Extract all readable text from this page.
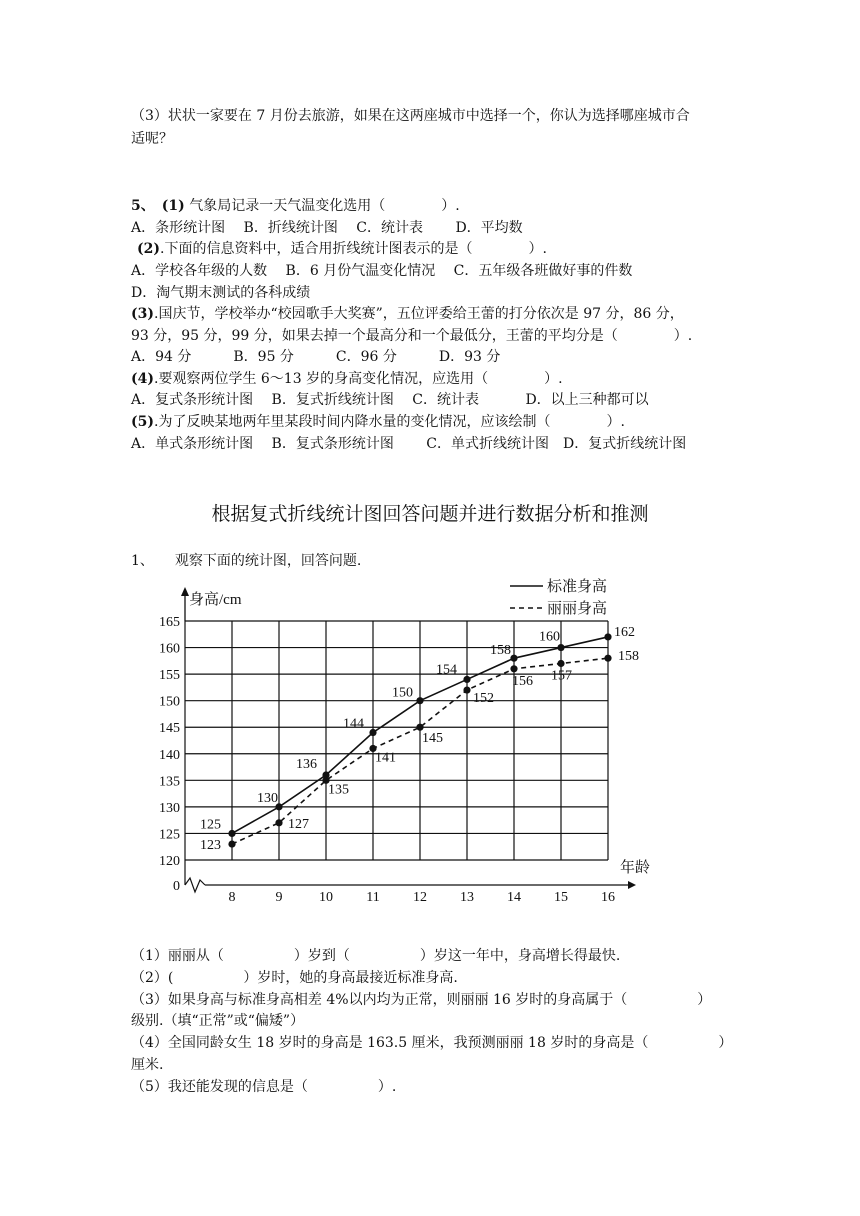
（3）状状一家要在 7 月份去旅游，如果在这两座城市中选择一个，你认为选择哪座城市合
适呢？
5、　 (1) 气象局记录一天气温变化选用（　　　　）.
A．条形统计图　 B．折线统计图　 C．统计表　　 D．平均数
(2).下面的信息资料中，适合用折线统计图表示的是（　　　　）.
A．学校各年级的人数　 B．6 月份气温变化情况　 C．五年级各班做好事的件数
D．淘气期末测试的各科成绩
(3).国庆节，学校举办“校园歌手大奖赛”，五位评委给王蕾的打分依次是 97 分，86 分，
93 分，95 分，99 分，如果去掉一个最高分和一个最低分，王蕾的平均分是（　　　　）.
A．94 分　　　B．95 分　　　C．96 分　　　D．93 分
(4).要观察两位学生 6～13 岁的身高变化情况，应选用（　　　　）.
A．复式条形统计图　 B．复式折线统计图　 C．统计表　　　 D．以上三种都可以
(5).为了反映某地两年里某段时间内降水量的变化情况，应该绘制（　　　　）.
A．单式条形统计图　 B．复式条形统计图　　 C．单式折线统计图　D．复式折线统计图
根据复式折线统计图回答问题并进行数据分析和推测
1、　　 观察下面的统计图，回答问题.
0
120
125
130
135
140
145
150
155
160
165
8	9	10 11 12 13 14 15 16
身高/cm
年龄
标准身高
丽丽身高
125
130
136
144
150
154
158
160	162
123
127
135
141
145
152
156 157
158
（1）丽丽从（　　　　　）岁到（　　　　　）岁这一年中，身高增长得最快.
（2）(　　　　　）岁时，她的身高最接近标准身高.
（3）如果身高与标准身高相差 4%以内均为正常，则丽丽 16 岁时的身高属于（　　　　　）
级别.（填“正常”或“偏矮”）
（4）全国同龄女生 18 岁时的身高是 163.5 厘米，我预测丽丽 18 岁时的身高是（　　　　　）
厘米.
（5）我还能发现的信息是（　　　　　）.
